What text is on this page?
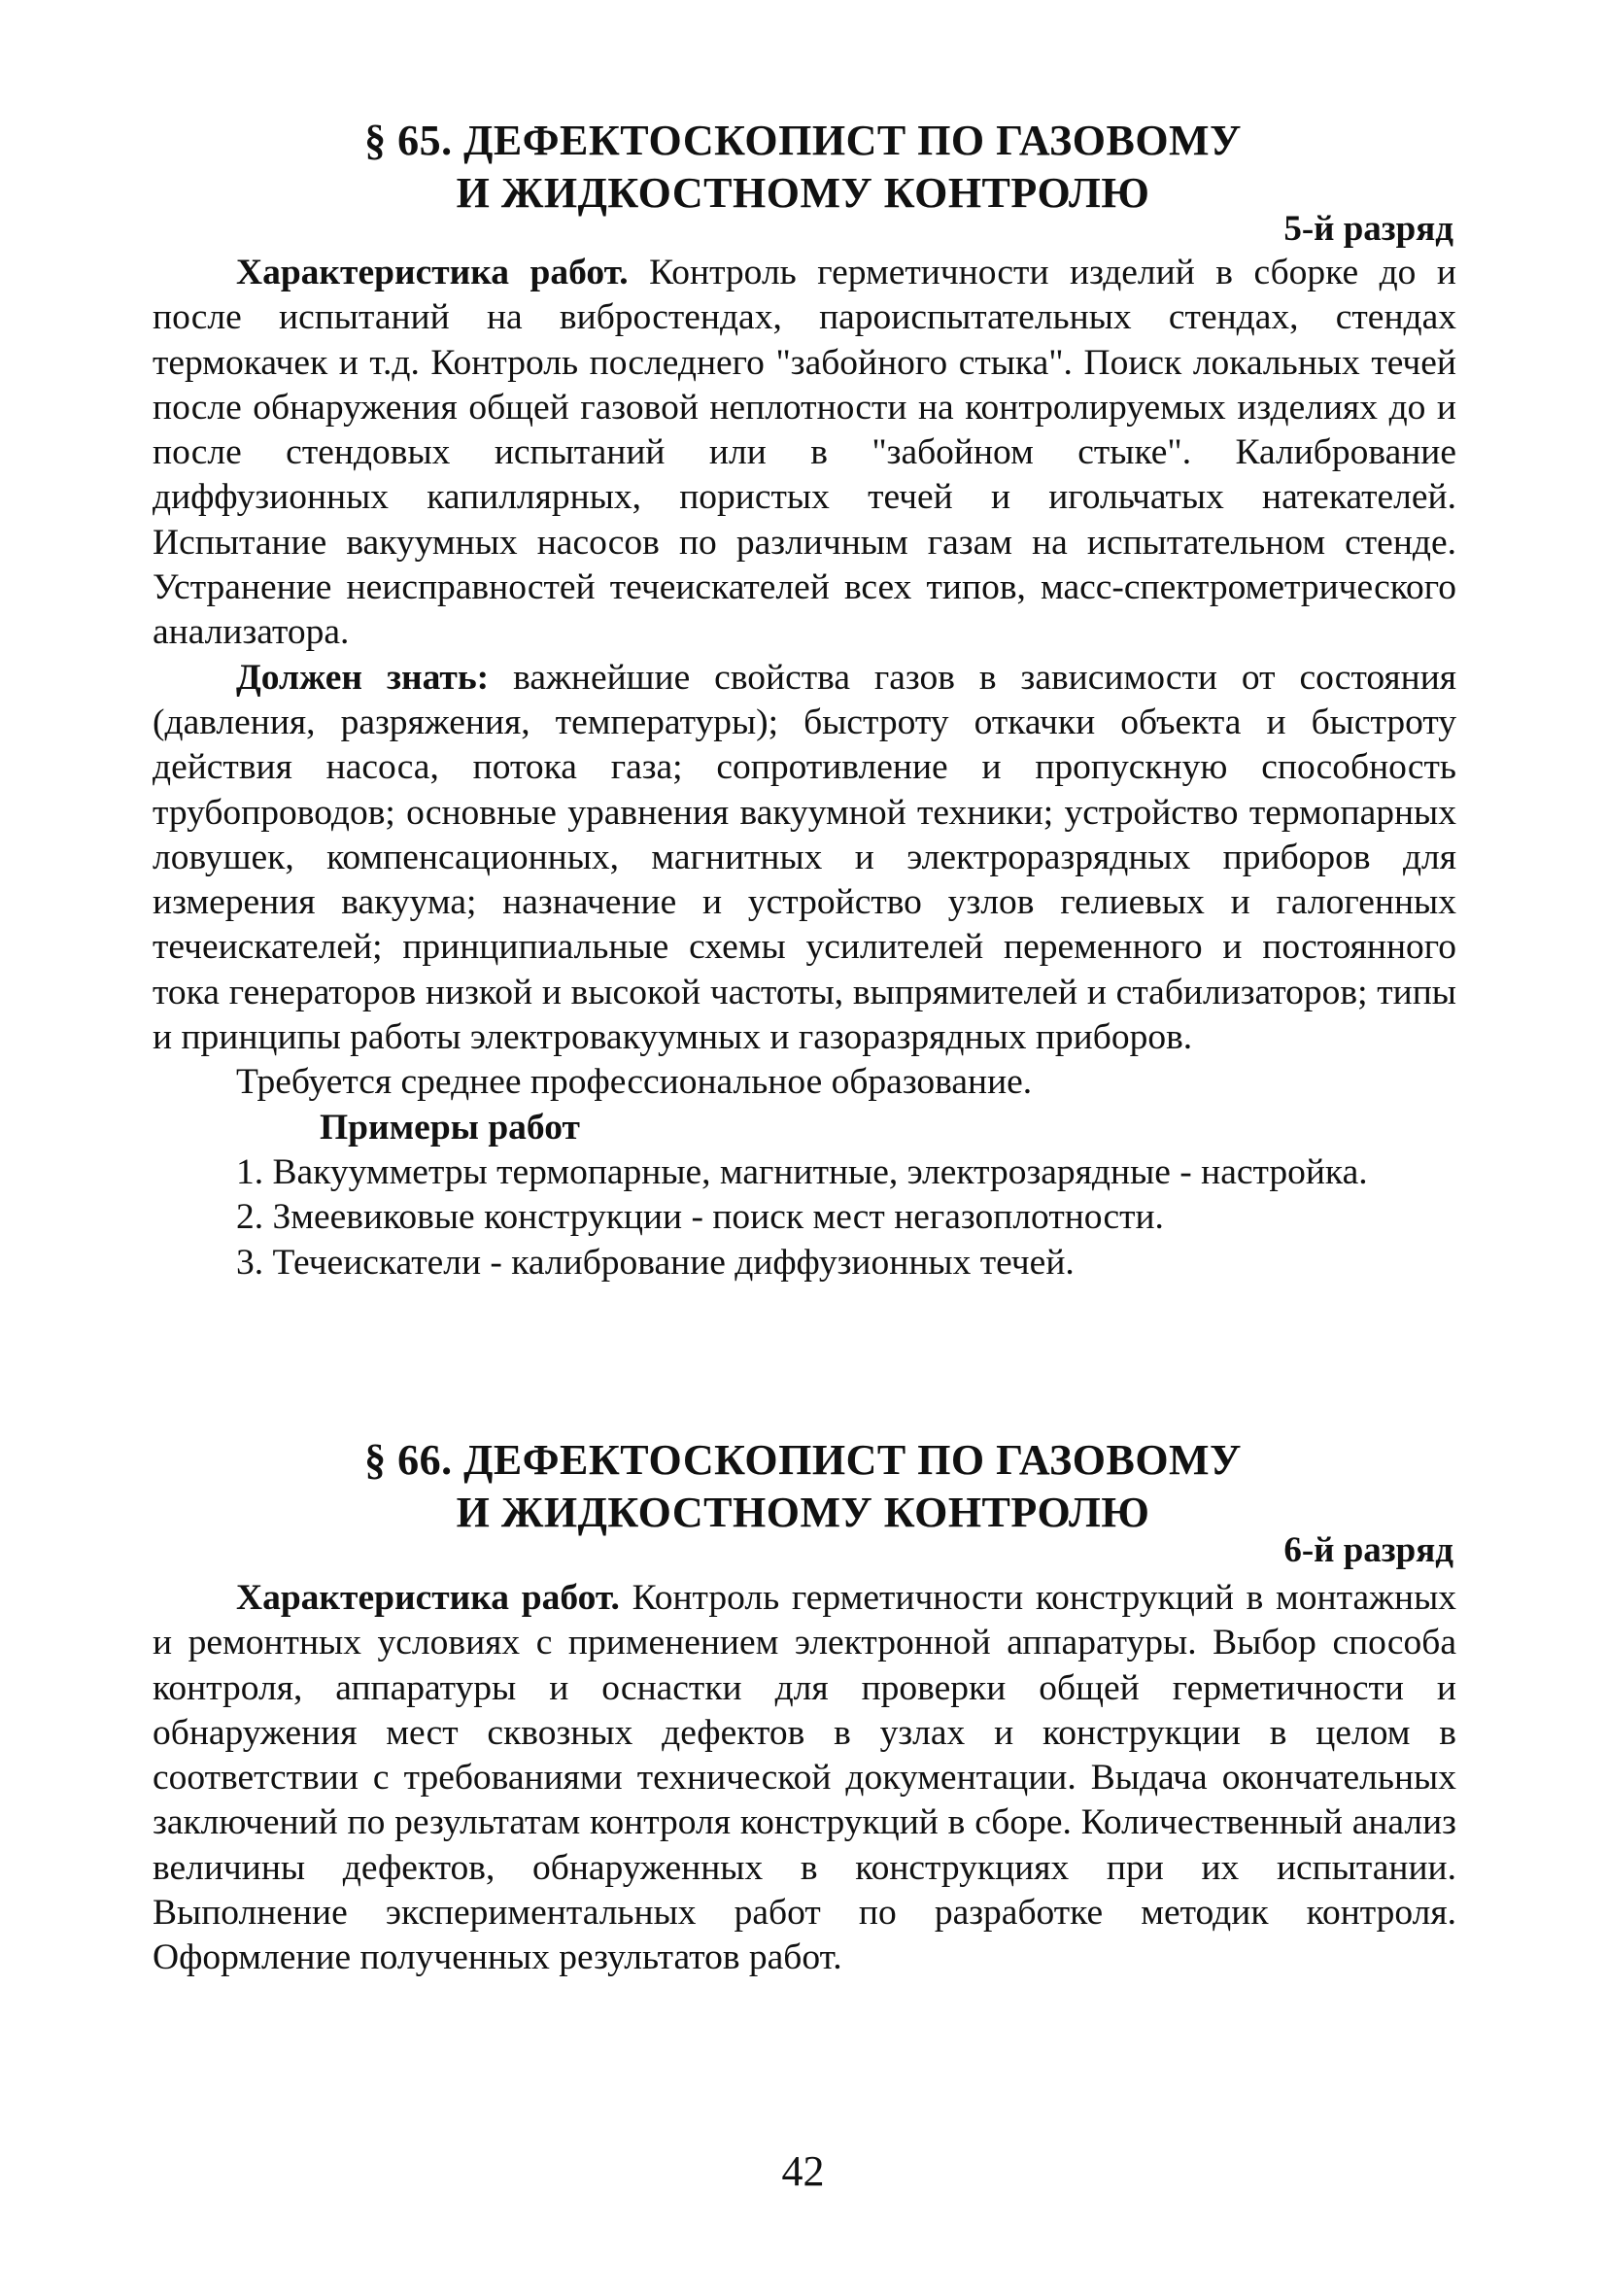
§ 65. ДЕФЕКТОСКОПИСТ ПО ГАЗОВОМУ
И ЖИДКОСТНОМУ КОНТРОЛЮ
5-й разряд

Характеристика работ. Контроль герметичности изделий в сборке до и после испытаний на вибростендах, пароиспытательных стендах, стендах термокачек и т.д. Контроль последнего "забойного стыка". Поиск локальных течей после обнаружения общей газовой неплотности на контролируемых изделиях до и после стендовых испытаний или в "забойном стыке". Калибрование диффузионных капиллярных, пористых течей и игольчатых натекателей. Испытание вакуумных насосов по различным газам на испытательном стенде. Устранение неисправностей течеискателей всех типов, масс-спектрометрического анализатора.

Должен знать: важнейшие свойства газов в зависимости от состояния (давления, разряжения, температуры); быстроту откачки объекта и быстроту действия насоса, потока газа; сопротивление и пропускную способность трубопроводов; основные уравнения вакуумной техники; устройство термопарных ловушек, компенсационных, магнитных и электроразрядных приборов для измерения вакуума; назначение и устройство узлов гелиевых и галогенных течеискателей; принципиальные схемы усилителей переменного и постоянного тока генераторов низкой и высокой частоты, выпрямителей и стабилизаторов; типы и принципы работы электровакуумных и газоразрядных приборов.

Требуется среднее профессиональное образование.

Примеры работ

1. Вакуумметры термопарные, магнитные, электрозарядные - настройка.

2. Змеевиковые конструкции - поиск мест негазоплотности.

3. Течеискатели - калибрование диффузионных течей.

§ 66. ДЕФЕКТОСКОПИСТ ПО ГАЗОВОМУ
И ЖИДКОСТНОМУ КОНТРОЛЮ
6-й разряд

Характеристика работ. Контроль герметичности конструкций в монтажных и ремонтных условиях с применением электронной аппаратуры. Выбор способа контроля, аппаратуры и оснастки для проверки общей герметичности и обнаружения мест сквозных дефектов в узлах и конструкции в целом в соответствии с требованиями технической документации. Выдача окончательных заключений по результатам контроля конструкций в сборе. Количественный анализ величины дефектов, обнаруженных в конструкциях при их испытании. Выполнение экспериментальных работ по разработке методик контроля. Оформление полученных результатов работ.

42
